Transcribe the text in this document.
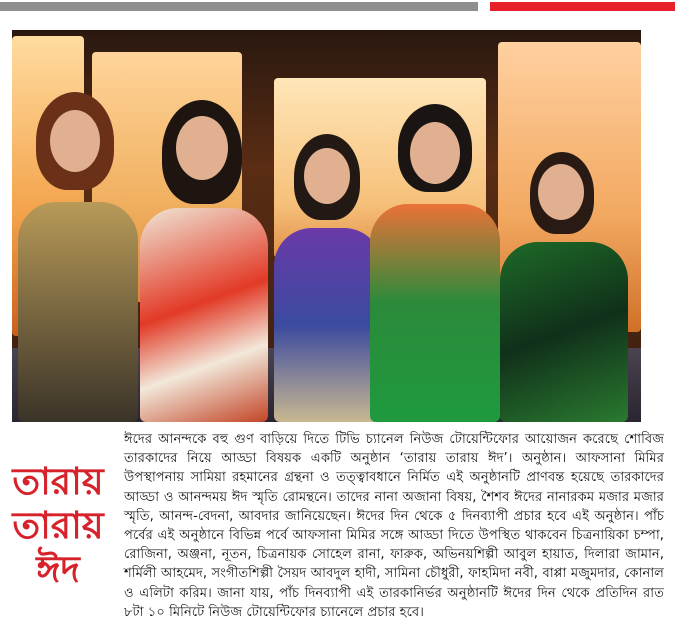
তারায়
তারায়
ঈদ

ঈদের আনন্দকে বহু গুণ বাড়িয়ে দিতে টিভি চ্যানেল নিউজ টোয়েন্টিফোর আয়োজন করেছে শোবিজ তারকাদের নিয়ে আড্ডা বিষয়ক একটি অনুষ্ঠান ‘তারায় তারায় ঈদ’। অনুষ্ঠান। আফসানা মিমির উপস্থাপনায় সামিয়া রহমানের গ্রন্থনা ও তত্ত্বাবধানে নির্মিত এই অনুষ্ঠানটি প্রাণবন্ত হয়েছে তারকাদের আড্ডা ও আনন্দময় ঈদ স্মৃতি রোমন্থনে। তাদের নানা অজানা বিষয়, শৈশব ঈদের নানারকম মজার মজার স্মৃতি, আনন্দ-বেদনা, আবদার জানিয়েছেন। ঈদের দিন থেকে ৫ দিনব্যাপী প্রচার হবে এই অনুষ্ঠান। পাঁচ পর্বের এই অনুষ্ঠানে বিভিন্ন পর্বে আফসানা মিমির সঙ্গে আড্ডা দিতে উপস্থিত থাকবেন চিত্রনায়িকা চম্পা, রোজিনা, অঞ্জনা, নূতন, চিত্রনায়ক সোহেল রানা, ফারুক, অভিনয়শিল্পী আবুল হায়াত, দিলারা জামান, শর্মিলী আহমেদ, সংগীতশিল্পী সৈয়দ আবদুল হাদী, সামিনা চৌধুরী, ফাহমিদা নবী, বাপ্পা মজুমদার, কোনাল ও এলিটা করিম। জানা যায়, পাঁচ দিনব্যাপী এই তারকানির্ভর অনুষ্ঠানটি ঈদের দিন থেকে প্রতিদিন রাত ৮টা ১০ মিনিটে নিউজ টোয়েন্টিফোর চ্যানেলে প্রচার হবে।
